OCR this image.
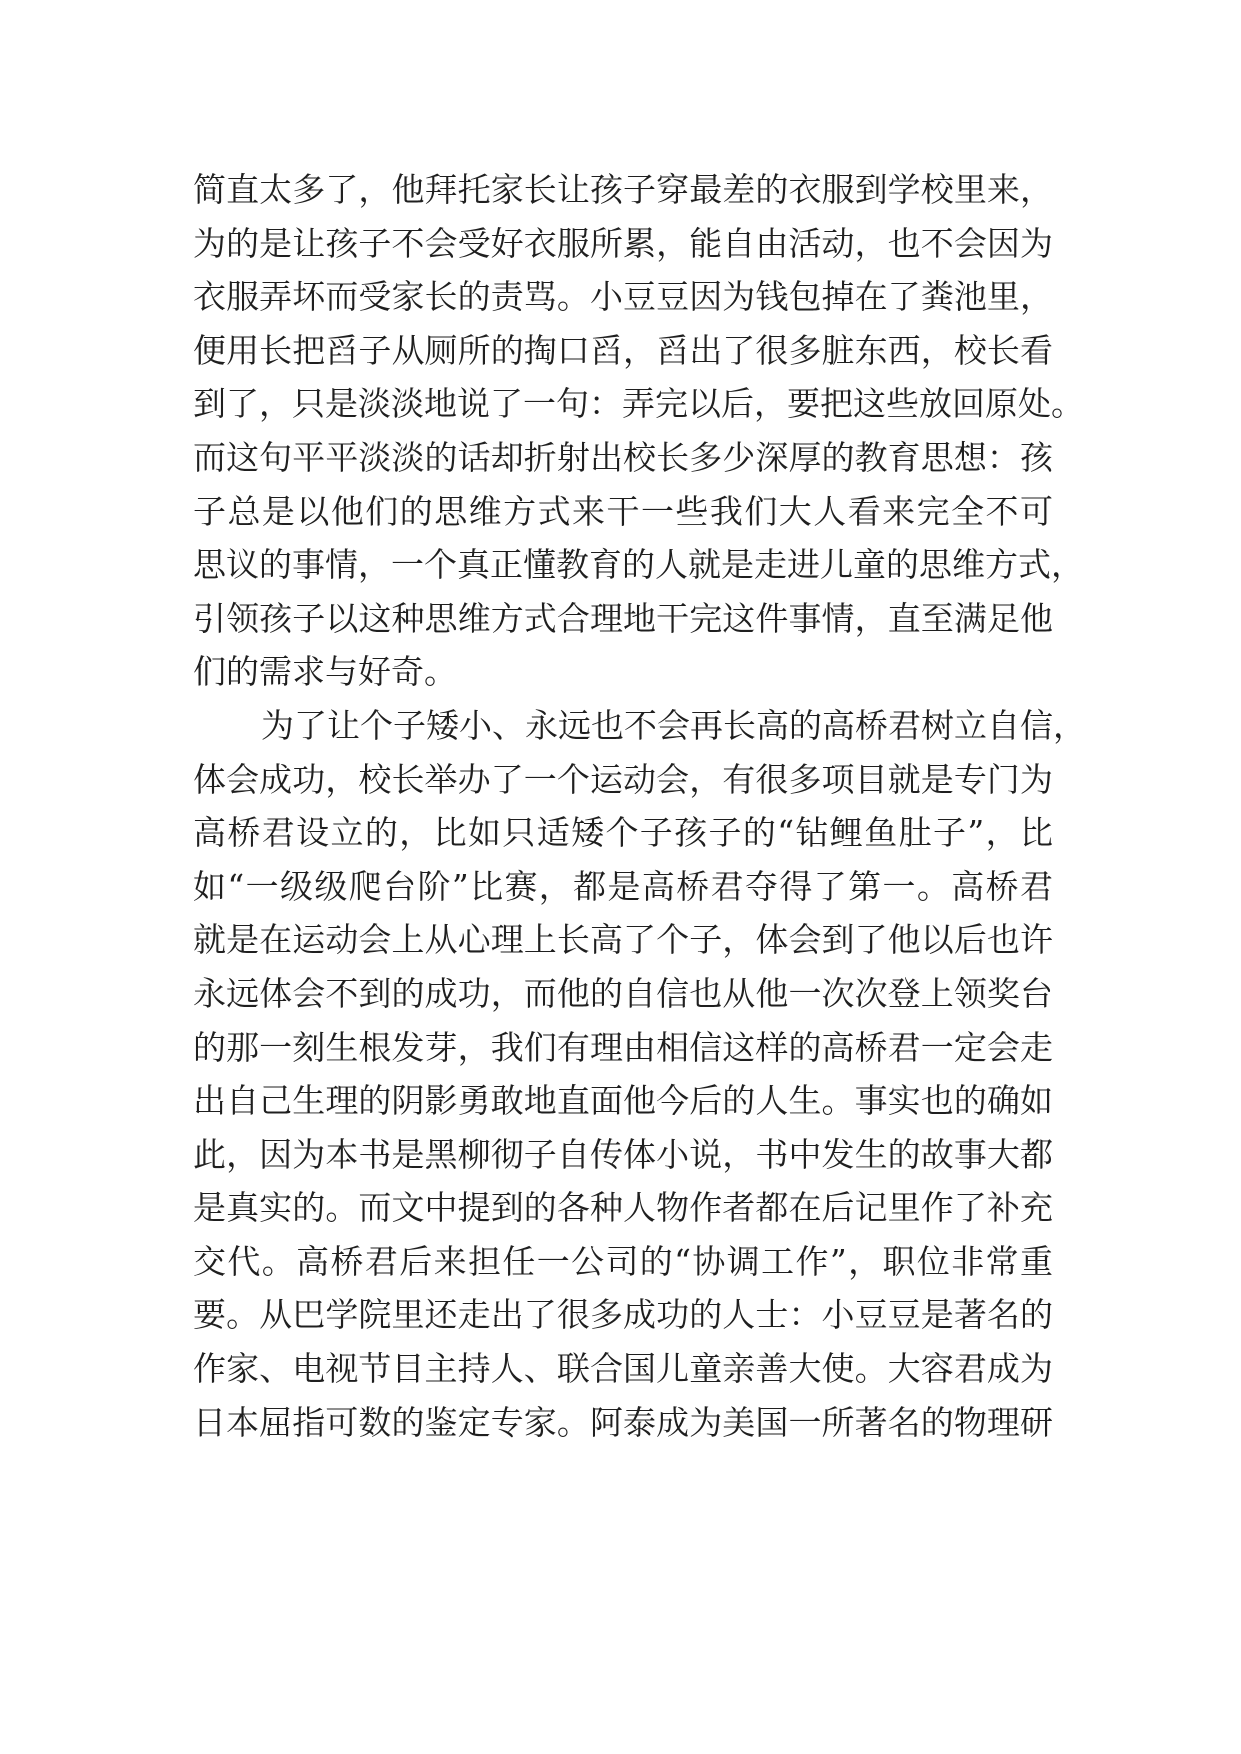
简直太多了，他拜托家长让孩子穿最差的衣服到学校里来，
为的是让孩子不会受好衣服所累，能自由活动，也不会因为
衣服弄坏而受家长的责骂。小豆豆因为钱包掉在了粪池里，
便用长把舀子从厕所的掏口舀，舀出了很多脏东西，校长看
到了，只是淡淡地说了一句：弄完以后，要把这些放回原处。
而这句平平淡淡的话却折射出校长多少深厚的教育思想：孩
子总是以他们的思维方式来干一些我们大人看来完全不可
思议的事情，一个真正懂教育的人就是走进儿童的思维方式，
引领孩子以这种思维方式合理地干完这件事情，直至满足他
们的需求与好奇。
为了让个子矮小、永远也不会再长高的高桥君树立自信，
体会成功，校长举办了一个运动会，有很多项目就是专门为
高桥君设立的，比如只适矮个子孩子的“钻鲤鱼肚子”，比
如“一级级爬台阶”比赛，都是高桥君夺得了第一。高桥君
就是在运动会上从心理上长高了个子，体会到了他以后也许
永远体会不到的成功，而他的自信也从他一次次登上领奖台
的那一刻生根发芽，我们有理由相信这样的高桥君一定会走
出自己生理的阴影勇敢地直面他今后的人生。事实也的确如
此，因为本书是黑柳彻子自传体小说，书中发生的故事大都
是真实的。而文中提到的各种人物作者都在后记里作了补充
交代。高桥君后来担任一公司的“协调工作”，职位非常重
要。从巴学院里还走出了很多成功的人士：小豆豆是著名的
作家、电视节目主持人、联合国儿童亲善大使。大容君成为
日本屈指可数的鉴定专家。阿泰成为美国一所著名的物理研
